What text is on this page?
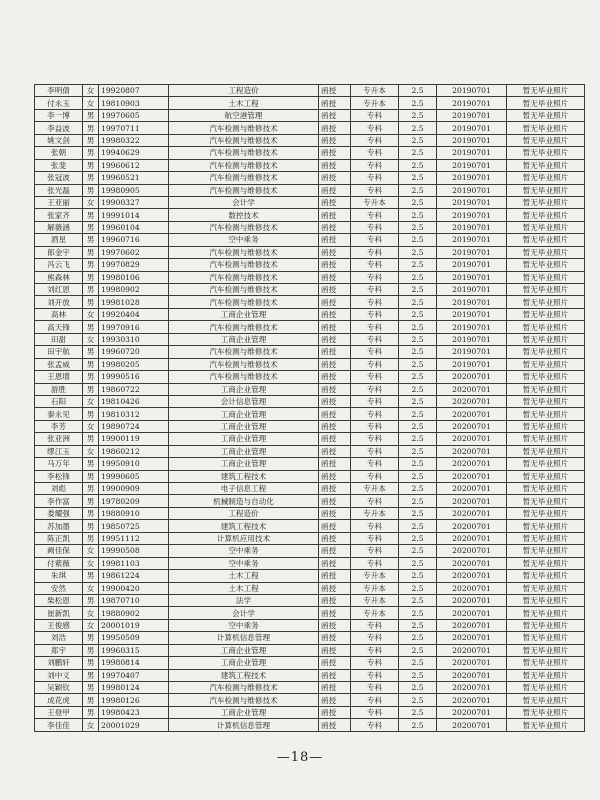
李明倩	女	19920807	工程造价	函授	专升本	2.5	20190701	暂无毕业照片
付永玉	女	19810903	土木工程	函授	专升本	2.5	20190701	暂无毕业照片
李一博	男	19970605	航空港管理	函授	专科	2.5	20190701	暂无毕业照片
李益波	男	19970711	汽车检测与维修技术	函授	专科	2.5	20190701	暂无毕业照片
姚文剑	男	19980322	汽车检测与维修技术	函授	专科	2.5	20190701	暂无毕业照片
张朝	男	19940629	汽车检测与维修技术	函授	专科	2.5	20190701	暂无毕业照片
张斐	男	19960612	汽车检测与维修技术	函授	专科	2.5	20190701	暂无毕业照片
张冠波	男	19960521	汽车检测与维修技术	函授	专科	2.5	20190701	暂无毕业照片
张光磊	男	19980905	汽车检测与维修技术	函授	专科	2.5	20190701	暂无毕业照片
王亚丽	女	19900327	会计学	函授	专升本	2.5	20190701	暂无毕业照片
张家齐	男	19991014	数控技术	函授	专科	2.5	20190701	暂无毕业照片
解薇涵	男	19960104	汽车检测与维修技术	函授	专科	2.5	20190701	暂无毕业照片
酒星	男	19960716	空中乘务	函授	专科	2.5	20190701	暂无毕业照片
郎金宇	男	19970602	汽车检测与维修技术	函授	专科	2.5	20190701	暂无毕业照片
冯云飞	男	19970829	汽车检测与维修技术	函授	专科	2.5	20190701	暂无毕业照片
熊森林	男	19980106	汽车检测与维修技术	函授	专科	2.5	20190701	暂无毕业照片
刘红恩	男	19980902	汽车检测与维修技术	函授	专科	2.5	20190701	暂无毕业照片
刘开放	男	19981028	汽车检测与维修技术	函授	专科	2.5	20190701	暂无毕业照片
高林	女	19920404	工商企业管理	函授	专科	2.5	20190701	暂无毕业照片
高天锋	男	19970916	汽车检测与维修技术	函授	专科	2.5	20190701	暂无毕业照片
田甜	女	19930310	工商企业管理	函授	专科	2.5	20190701	暂无毕业照片
田宇航	男	19960720	汽车检测与维修技术	函授	专科	2.5	20190701	暂无毕业照片
张孟威	男	19980205	汽车检测与维修技术	函授	专科	2.5	20190701	暂无毕业照片
王恩增	男	19990516	汽车检测与维修技术	函授	专科	2.5	20200701	暂无毕业照片
游胜	男	19860722	工商企业管理	函授	专科	2.5	20200701	暂无毕业照片
石阳	女	19810426	会计信息管理	函授	专科	2.5	20200701	暂无毕业照片
秦永见	男	19810312	工商企业管理	函授	专科	2.5	20200701	暂无毕业照片
李芳	女	19890724	工商企业管理	函授	专科	2.5	20200701	暂无毕业照片
张亚洲	男	19900119	工商企业管理	函授	专科	2.5	20200701	暂无毕业照片
缪江玉	女	19860212	工商企业管理	函授	专科	2.5	20200701	暂无毕业照片
马万年	男	19950910	工商企业管理	函授	专科	2.5	20200701	暂无毕业照片
李松锋	男	19990605	建筑工程技术	函授	专科	2.5	20200701	暂无毕业照片
刘彪	男	19900909	电子信息工程	函授	专升本	2.5	20200701	暂无毕业照片
李作富	男	19780209	机械制造与自动化	函授	专科	2.5	20200701	暂无毕业照片
娄耀强	男	19880910	工程造价	函授	专升本	2.5	20200701	暂无毕业照片
苏加墨	男	19850725	建筑工程技术	函授	专科	2.5	20200701	暂无毕业照片
陈正凯	男	19951112	计算机应用技术	函授	专科	2.5	20200701	暂无毕业照片
阙佳保	女	19990508	空中乘务	函授	专科	2.5	20200701	暂无毕业照片
付紫薇	女	19981103	空中乘务	函授	专科	2.5	20200701	暂无毕业照片
朱琪	男	19861224	土木工程	函授	专升本	2.5	20200701	暂无毕业照片
安然	女	19900420	土木工程	函授	专升本	2.5	20200701	暂无毕业照片
柴松恩	男	19870710	法学	函授	专升本	2.5	20200701	暂无毕业照片
崔新凯	女	19880902	会计学	函授	专升本	2.5	20200701	暂无毕业照片
王俊感	女	20001019	空中乘务	函授	专科	2.5	20200701	暂无毕业照片
刘浩	男	19950509	计算机信息管理	函授	专科	2.5	20200701	暂无毕业照片
郑宇	男	19960315	工商企业管理	函授	专科	2.5	20200701	暂无毕业照片
刘鹏轩	男	19980814	工商企业管理	函授	专科	2.5	20200701	暂无毕业照片
刘中义	男	19970407	建筑工程技术	函授	专科	2.5	20200701	暂无毕业照片
吴颖钦	男	19980124	汽车检测与维修技术	函授	专科	2.5	20200701	暂无毕业照片
成花虎	男	19980126	汽车检测与维修技术	函授	专科	2.5	20200701	暂无毕业照片
王登甲	男	19980423	工商企业管理	函授	专科	2.5	20200701	暂无毕业照片
李佳佳	女	20001029	计算机信息管理	函授	专科	2.5	20200701	暂无毕业照片
—18—
